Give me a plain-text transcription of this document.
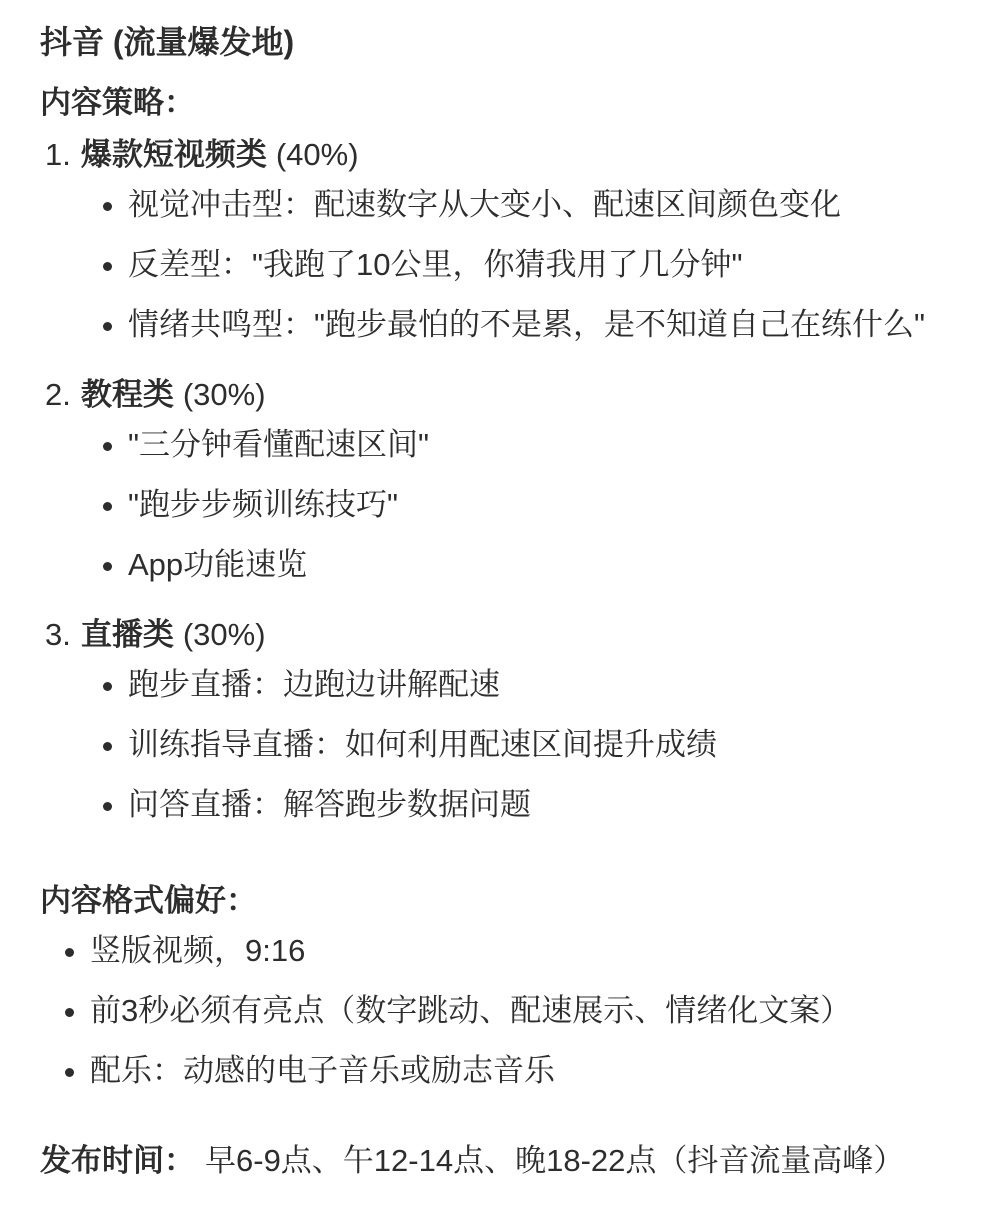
抖音 (流量爆发地)

内容策略：

1. 爆款短视频类 (40%)
• 视觉冲击型：配速数字从大变小、配速区间颜色变化
• 反差型："我跑了10公里，你猜我用了几分钟"
• 情绪共鸣型："跑步最怕的不是累，是不知道自己在练什么"
2. 教程类 (30%)
• "三分钟看懂配速区间"
• "跑步步频训练技巧"
• App功能速览
3. 直播类 (30%)
• 跑步直播：边跑边讲解配速
• 训练指导直播：如何利用配速区间提升成绩
• 问答直播：解答跑步数据问题

内容格式偏好：

• 竖版视频，9:16
• 前3秒必须有亮点（数字跳动、配速展示、情绪化文案）
• 配乐：动感的电子音乐或励志音乐

发布时间： 早6-9点、午12-14点、晚18-22点（抖音流量高峰）
